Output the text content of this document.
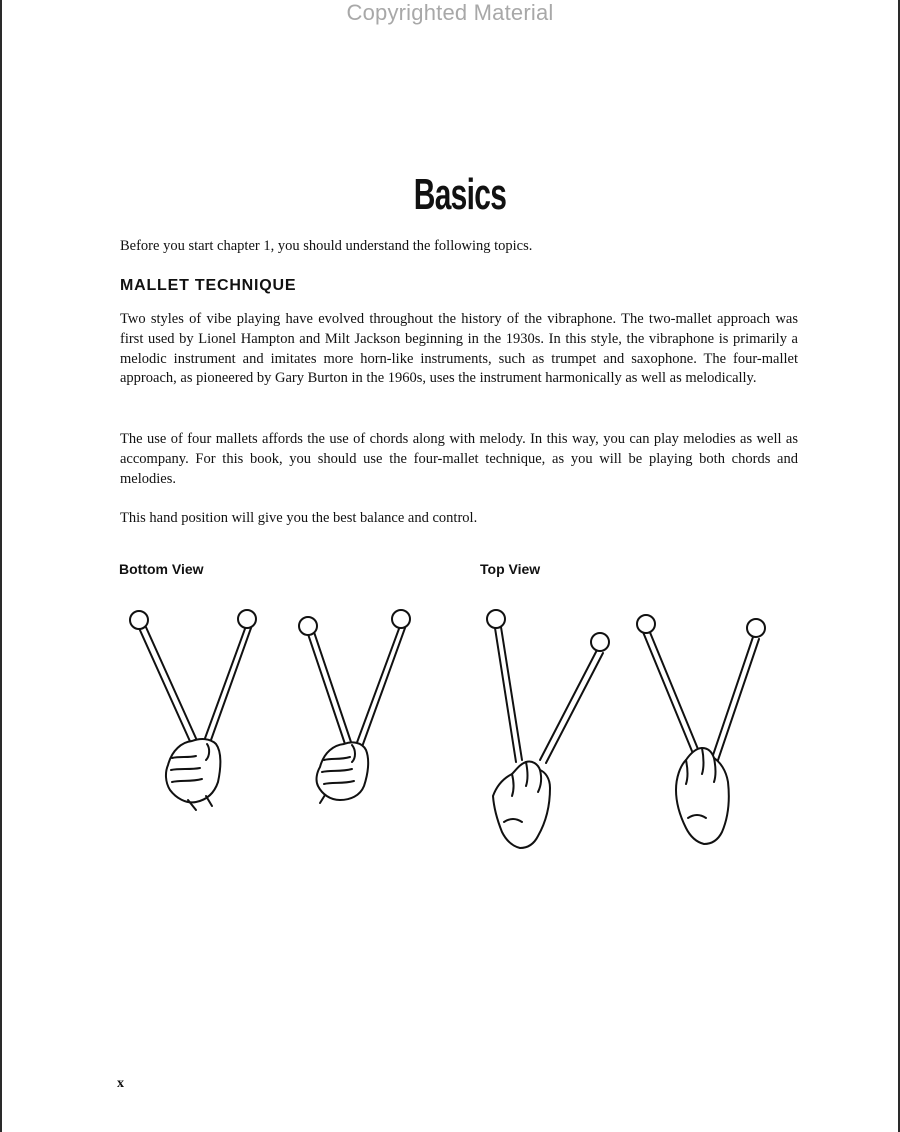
Copyrighted Material
Basics
Before you start chapter 1, you should understand the following topics.
MALLET TECHNIQUE
Two styles of vibe playing have evolved throughout the history of the vibraphone. The two-mallet approach was first used by Lionel Hampton and Milt Jackson beginning in the 1930s. In this style, the vibraphone is primarily a melodic instrument and imitates more horn-like instruments, such as trumpet and saxophone. The four-mallet approach, as pioneered by Gary Burton in the 1960s, uses the instrument harmonically as well as melodically.
The use of four mallets affords the use of chords along with melody. In this way, you can play melodies as well as accompany. For this book, you should use the four-mallet technique, as you will be playing both chords and melodies.
This hand position will give you the best balance and control.
Bottom View	Top View
x
